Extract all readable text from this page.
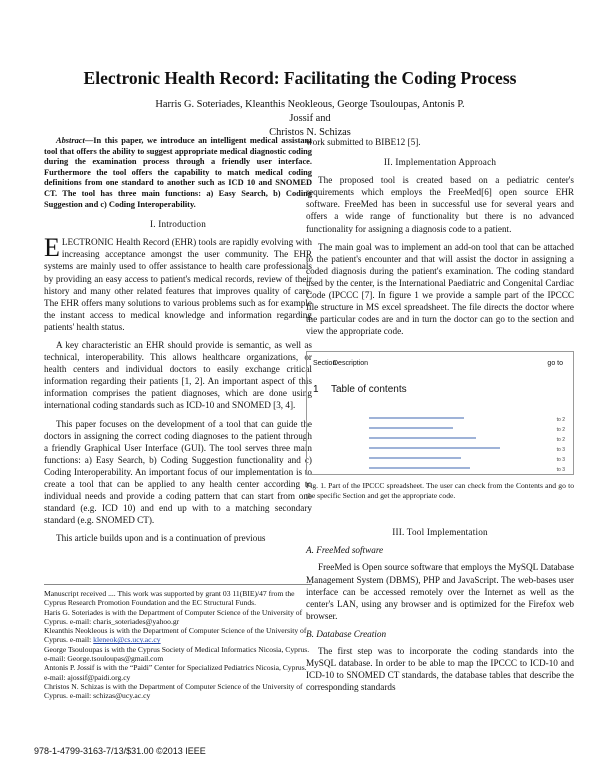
Electronic Health Record: Facilitating the Coding Process
Harris G. Soteriades, Kleanthis Neokleous, George Tsouloupas, Antonis P. Jossif and
Christos N. Schizas

Abstract—In this paper, we introduce an intelligent medical assistant tool that offers the ability to suggest appropriate medical diagnostic coding during the examination process through a friendly user interface. Furthermore the tool offers the capability to match medical coding definitions from one standard to another such as ICD 10 and SNOMED CT. The tool has three main functions: a) Easy Search, b) Coding Suggestion and c) Coding Interoperability.

I. Introduction

ELECTRONIC Health Record (EHR) tools are rapidly evolving with increasing acceptance amongst the user community. The EHR systems are mainly used to offer assistance to health care professionals by providing an easy access to patient's medical records, review of their history and many other related features that improves quality of care. The EHR offers many solutions to various problems such as for example the instant access to medical knowledge and information regarding patients' health status.

A key characteristic an EHR should provide is semantic, as well as technical, interoperability. This allows healthcare organizations, or health centers and individual doctors to easily exchange critical information regarding their patients [1, 2]. An important aspect of this information comprises the patient diagnoses, which are done using international coding standards such as ICD-10 and SNOMED [3, 4].

This paper focuses on the development of a tool that can guide the doctors in assigning the correct coding diagnoses to the patient through a friendly Graphical User Interface (GUI). The tool serves three main functions: a) Easy Search, b) Coding Suggestion functionality and c) Coding Interoperability. An important focus of our implementation is to create a tool that can be applied to any health center according to individual needs and provide a coding pattern that can start from one standard (e.g. ICD 10) and end up with to a matching secondary standard (e.g. SNOMED CT).

This article builds upon and is a continuation of previous

Manuscript received .... This work was supported by grant 03 11(BIE)/47 from the Cyprus Research Promotion Foundation and the EC Structural Funds.

Haris G. Soteriades is with the Department of Computer Science of the University of Cyprus. e-mail: charis_soteriades@yahoo.gr

Kleanthis Neokleous is with the Department of Computer Science of the University of Cyprus. e-mail: kleneok@cs.ucy.ac.cy

George Tsouloupas is with the Cyprus Society of Medical Informatics Nicosia, Cyprus. e-mail: George.tsouloupas@gmail.com

Antonis P. Jossif is with the “Paidi” Center for Specialized Pediatrics Nicosia, Cyprus. e-mail: ajossif@paidi.org.cy

Christos N. Schizas is with the Department of Computer Science of the University of Cyprus. e-mail: schizas@ucy.ac.cy

work submitted to BIBE12 [5].

II. Implementation Approach

The proposed tool is created based on a pediatric center's requirements which employs the FreeMed[6] open source EHR software. FreeMed has been in successful use for several years and offers a wide range of functionality but there is no advanced functionality for assigning a diagnosis code to a patient.

The main goal was to implement an add-on tool that can be attached to the patient's encounter and that will assist the doctor in assigning a coded diagnosis during the patient's examination. The coding standard used by the center, is the International Paediatric and Congenital Cardiac Code (IPCCC [7]. In figure 1 we provide a sample part of the IPCCC file structure in MS excel spreadsheet. The file directs the doctor where the particular codes are and in turn the doctor can go to the section and view the appropriate code.

Section
Description	go to
1 Table of contents
to 2
to 2
to 2
to 3
to 3
to 3
Fig. 1. Part of the IPCCC spreadsheet. The user can check from the Contents and go to the specific Section and get the appropriate code.
III. Tool Implementation
A. FreeMed software

FreeMed is Open source software that employs the MySQL Database Management System (DBMS), PHP and JavaScript. The web-bases user interface can be accessed remotely over the Internet as well as the center's LAN, using any browser and is optimized for the Firefox web browser.

B. Database Creation

The first step was to incorporate the coding standards into the MySQL database. In order to be able to map the IPCCC to ICD-10 and ICD-10 to SNOMED CT standards, the database tables that describe the corresponding standards

978-1-4799-3163-7/13/$31.00 ©2013 IEEE
